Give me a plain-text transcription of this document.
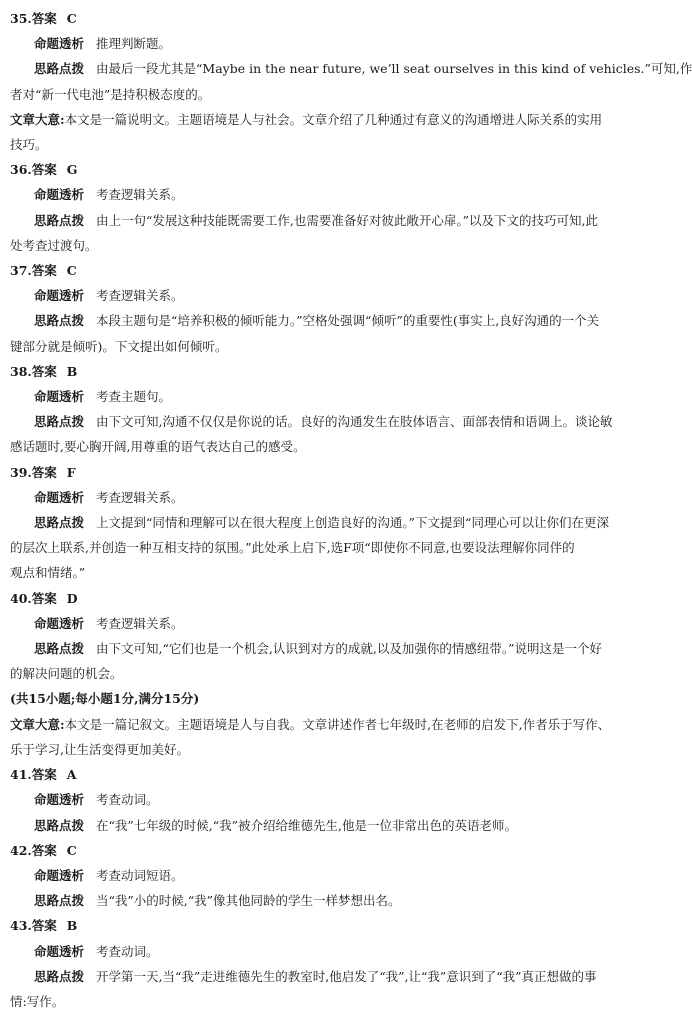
35.答案 C
命题透析 推理判断题。
思路点拨 由最后一段尤其是“Maybe in the near future, we’ll seat ourselves in this kind of vehicles.”可知,作
者对“新一代电池”是持积极态度的。
文章大意:本文是一篇说明文。主题语境是人与社会。文章介绍了几种通过有意义的沟通增进人际关系的实用
技巧。
36.答案 G
命题透析 考查逻辑关系。
思路点拨 由上一句“发展这种技能既需要工作,也需要准备好对彼此敞开心扉。”以及下文的技巧可知,此
处考查过渡句。
37.答案 C
命题透析 考查逻辑关系。
思路点拨 本段主题句是“培养积极的倾听能力。”空格处强调“倾听”的重要性(事实上,良好沟通的一个关
键部分就是倾听)。下文提出如何倾听。
38.答案 B
命题透析 考查主题句。
思路点拨 由下文可知,沟通不仅仅是你说的话。良好的沟通发生在肢体语言、面部表情和语调上。谈论敏
感话题时,要心胸开阔,用尊重的语气表达自己的感受。
39.答案 F
命题透析 考查逻辑关系。
思路点拨 上文提到“同情和理解可以在很大程度上创造良好的沟通。”下文提到“同理心可以让你们在更深
的层次上联系,并创造一种互相支持的氛围。”此处承上启下,选F项“即使你不同意,也要设法理解你同伴的
观点和情绪。”
40.答案 D
命题透析 考查逻辑关系。
思路点拨 由下文可知,“它们也是一个机会,认识到对方的成就,以及加强你的情感纽带。”说明这是一个好
的解决问题的机会。
(共15小题;每小题1分,满分15分)
文章大意:本文是一篇记叙文。主题语境是人与自我。文章讲述作者七年级时,在老师的启发下,作者乐于写作、
乐于学习,让生活变得更加美好。
41.答案 A
命题透析 考查动词。
思路点拨 在“我”七年级的时候,“我”被介绍给维德先生,他是一位非常出色的英语老师。
42.答案 C
命题透析 考查动词短语。
思路点拨 当“我”小的时候,“我”像其他同龄的学生一样梦想出名。
43.答案 B
命题透析 考查动词。
思路点拨 开学第一天,当“我”走进维德先生的教室时,他启发了“我”,让“我”意识到了“我”真正想做的事
情:写作。
